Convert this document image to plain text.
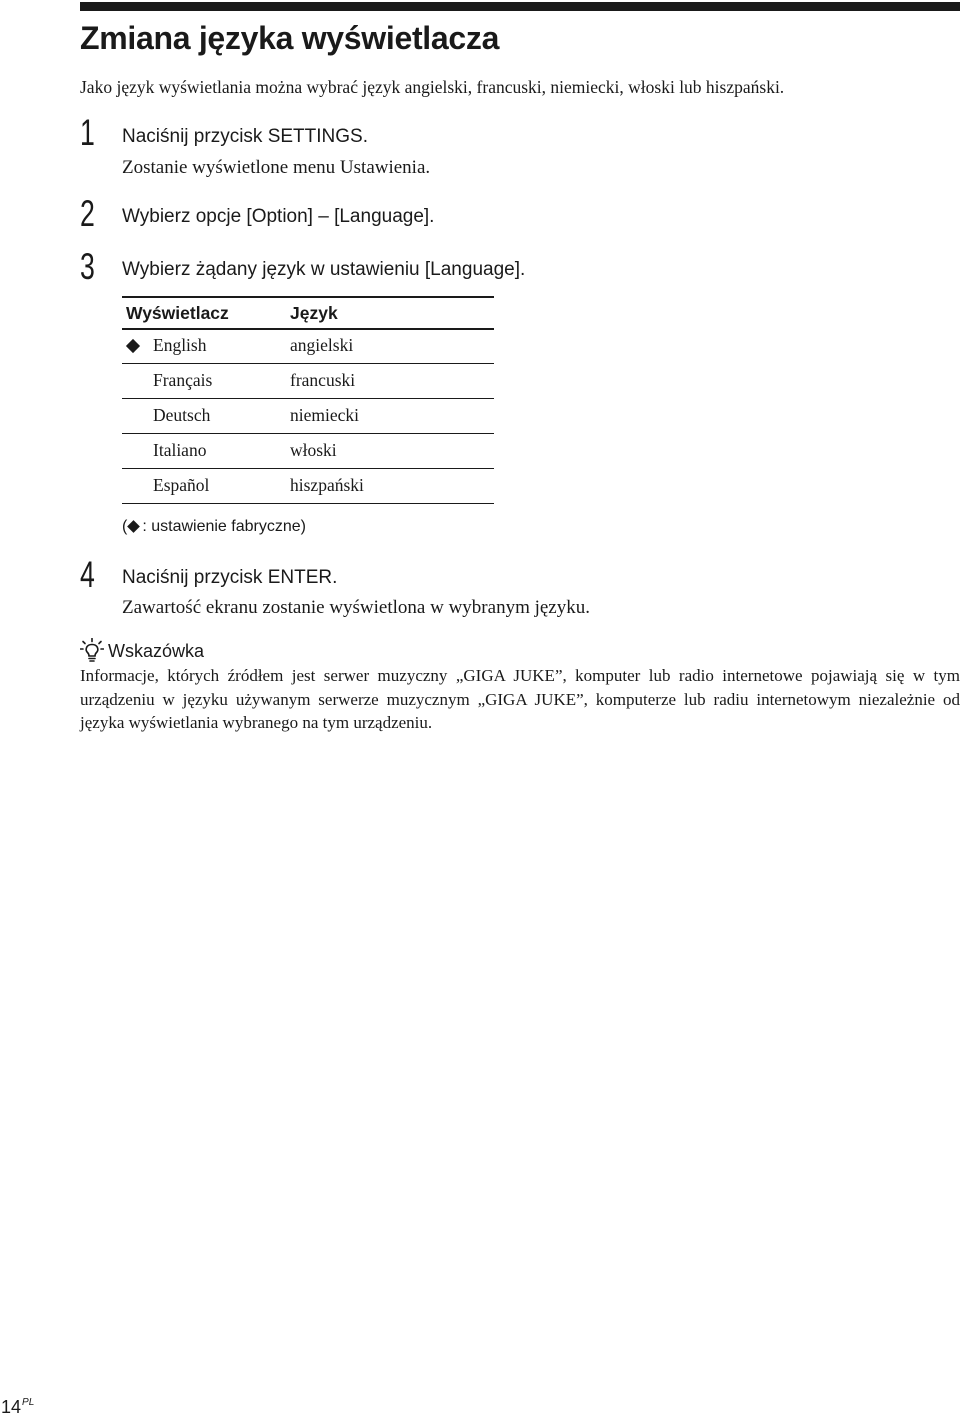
Zmiana języka wyświetlacza
Jako język wyświetlania można wybrać język angielski, francuski, niemiecki, włoski lub hiszpański.
1 Naciśnij przycisk SETTINGS.
Zostanie wyświetlone menu Ustawienia.
2 Wybierz opcje [Option] – [Language].
3 Wybierz żądany język w ustawieniu [Language].
Wyświetlacz	Język
English	angielski
Français	francuski
Deutsch	niemiecki
Italiano	włoski
Español	hiszpański
( : ustawienie fabryczne)
4 Naciśnij przycisk ENTER.
Zawartość ekranu zostanie wyświetlona w wybranym języku.
Wskazówka
Informacje, których źródłem jest serwer muzyczny „GIGA JUKE”, komputer lub radio internetowe pojawiają się w tym urządzeniu w języku używanym serwerze muzycznym „GIGA JUKE”, komputerze lub radiu internetowym niezależnie od języka wyświetlania wybranego na tym urządzeniu.
$14^{PL}$
